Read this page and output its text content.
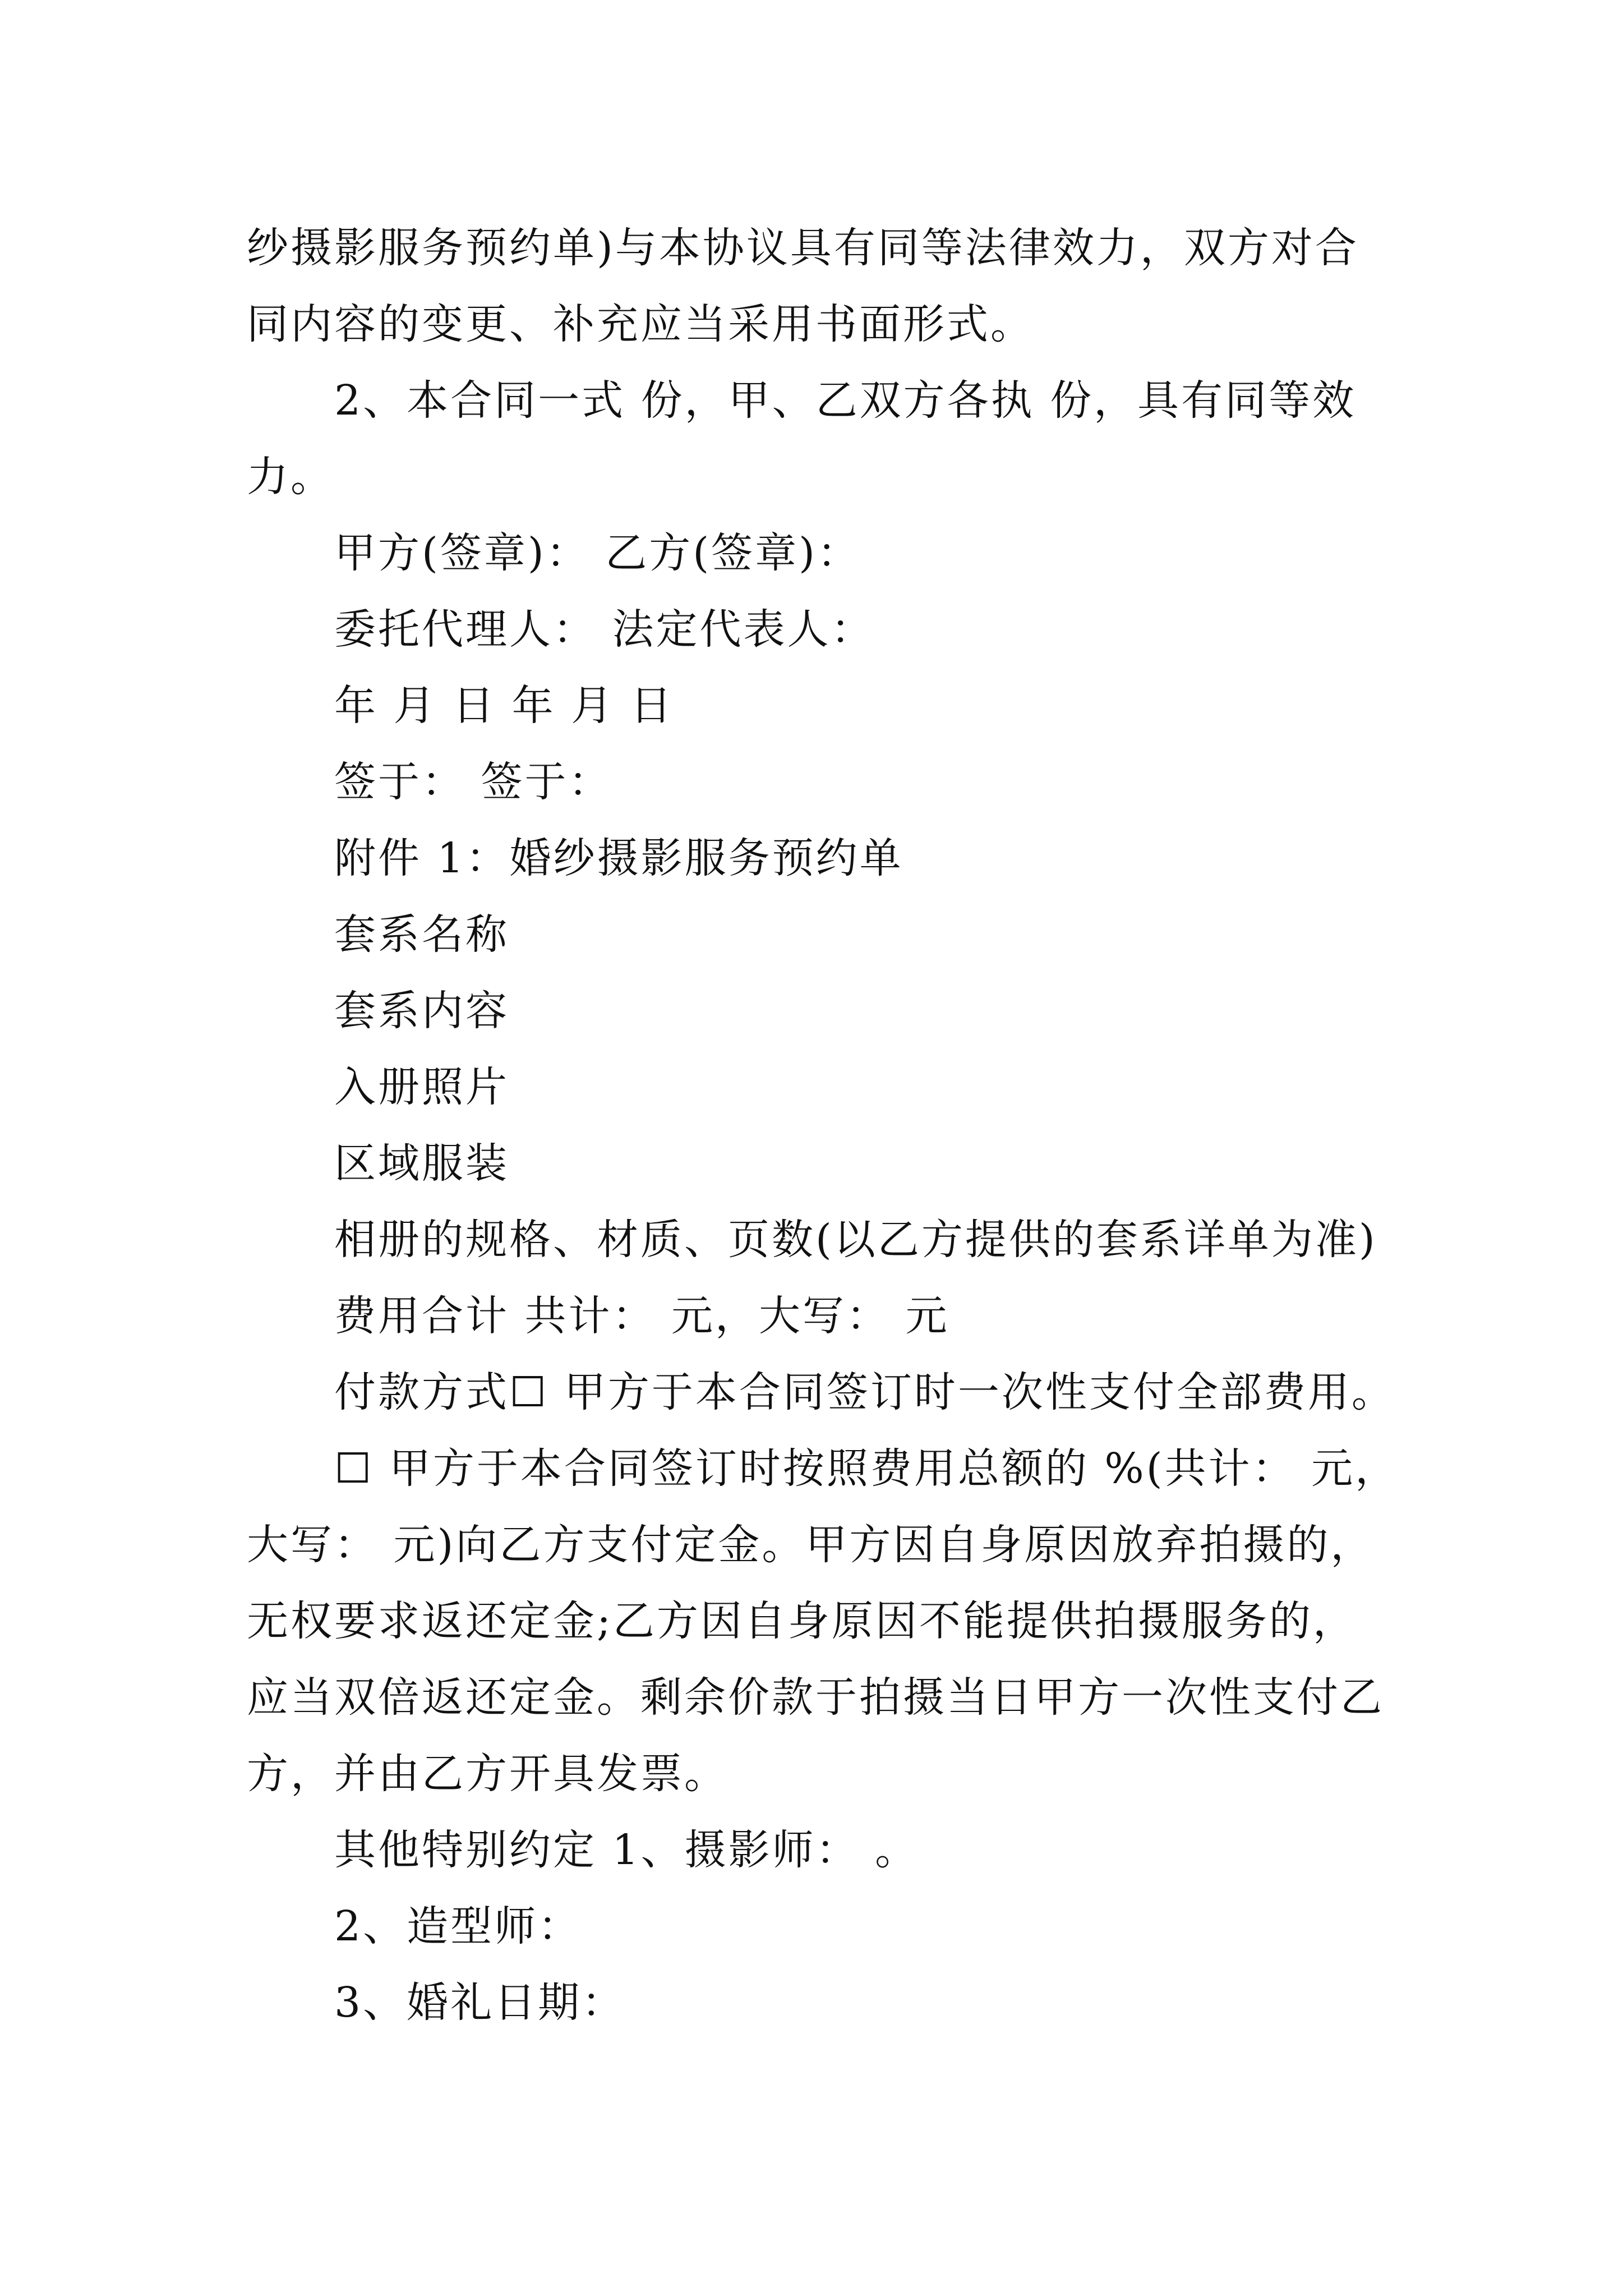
纱摄影服务预约单)与本协议具有同等法律效力，双方对合
同内容的变更、补充应当采用书面形式。
2、本合同一式 份，甲、乙双方各执 份，具有同等效
力。
甲方(签章)： 乙方(签章)：
委托代理人： 法定代表人：
年 月 日 年 月 日
签于： 签于：
附件 1：婚纱摄影服务预约单
套系名称
套系内容
入册照片
区域服装
相册的规格、材质、页数(以乙方提供的套系详单为准)
费用合计 共计： 元，大写： 元
付款方式☐ 甲方于本合同签订时一次性支付全部费用。
☐ 甲方于本合同签订时按照费用总额的 %(共计： 元，
大写： 元)向乙方支付定金。甲方因自身原因放弃拍摄的，
无权要求返还定金;乙方因自身原因不能提供拍摄服务的，
应当双倍返还定金。剩余价款于拍摄当日甲方一次性支付乙
方，并由乙方开具发票。
其他特别约定 1、摄影师： 。
2、造型师：
3、婚礼日期：
